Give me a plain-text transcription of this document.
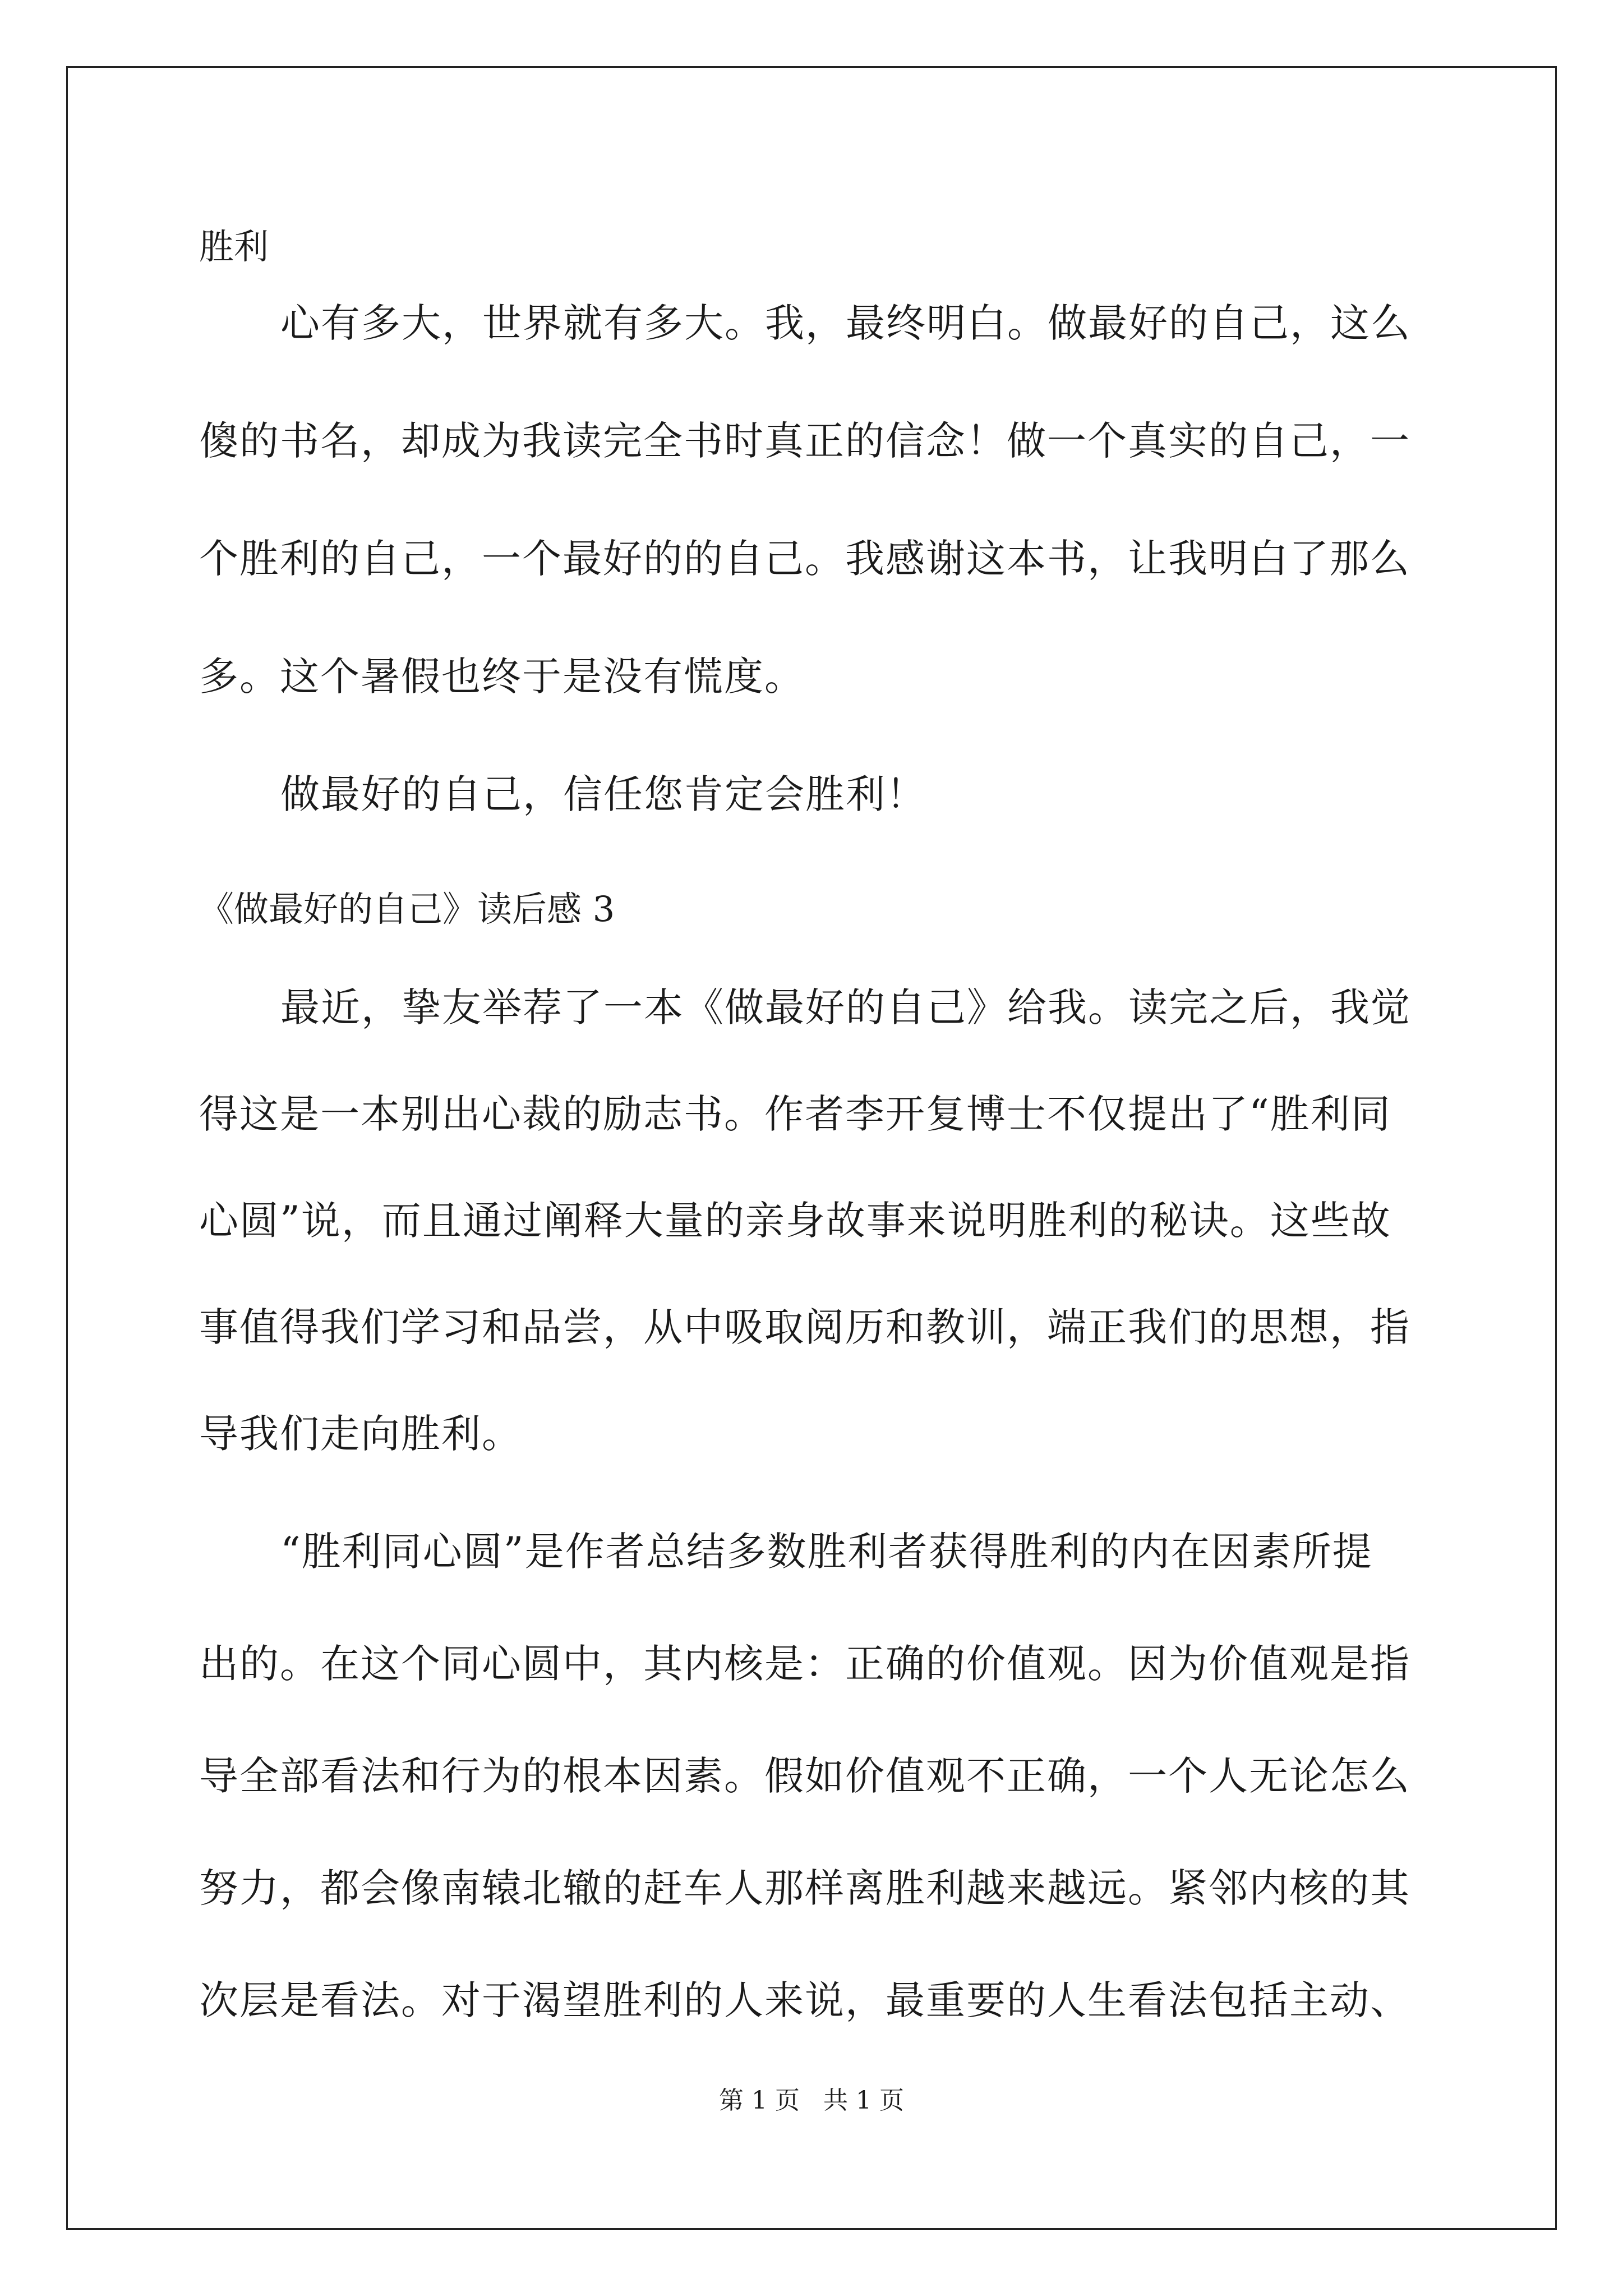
胜利
心有多大，世界就有多大。我，最终明白。做最好的自己，这么
傻的书名，却成为我读完全书时真正的信念！做一个真实的自己，一
个胜利的自己，一个最好的的自己。我感谢这本书，让我明白了那么
多。这个暑假也终于是没有慌度。
做最好的自己，信任您肯定会胜利！
《做最好的自己》读后感 3
最近，挚友举荐了一本《做最好的自己》给我。读完之后，我觉
得这是一本别出心裁的励志书。作者李开复博士不仅提出了“胜利同
心圆”说，而且通过阐释大量的亲身故事来说明胜利的秘诀。这些故
事值得我们学习和品尝，从中吸取阅历和教训，端正我们的思想，指
导我们走向胜利。
“胜利同心圆”是作者总结多数胜利者获得胜利的内在因素所提
出的。在这个同心圆中，其内核是：正确的价值观。因为价值观是指
导全部看法和行为的根本因素。假如价值观不正确，一个人无论怎么
努力，都会像南辕北辙的赶车人那样离胜利越来越远。紧邻内核的其
次层是看法。对于渴望胜利的人来说，最重要的人生看法包括主动、
第 1 页   共 1 页
